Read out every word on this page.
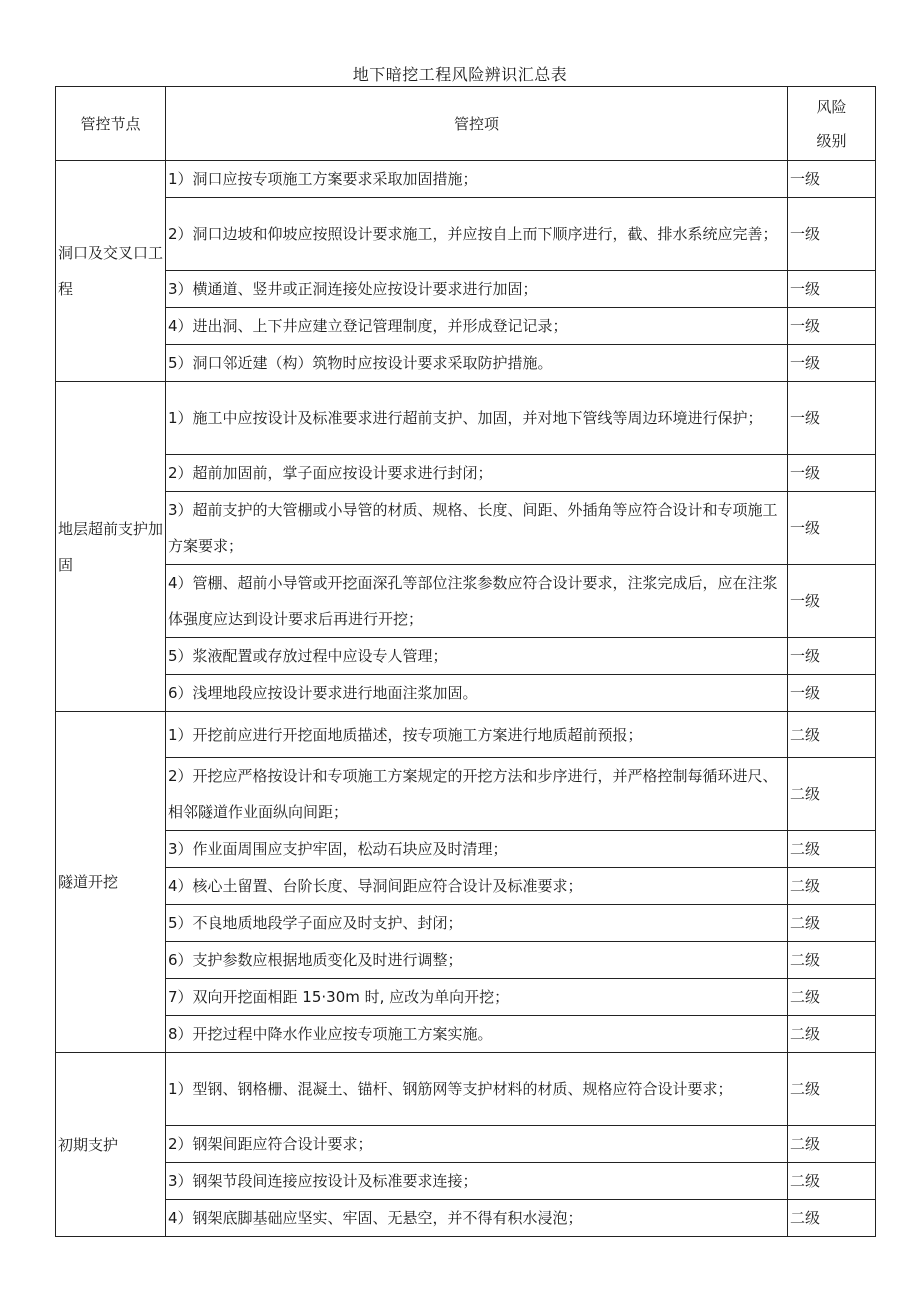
地下暗挖工程风险辨识汇总表
管控节点	管控项	风险
级别
洞口及交叉口工程	1）洞口应按专项施工方案要求采取加固措施；	一级
	2）洞口边坡和仰坡应按照设计要求施工，并应按自上而下顺序进行，截、排水系统应完善；	一级
	3）横通道、竖井或正洞连接处应按设计要求进行加固；	一级
	4）进出洞、上下井应建立登记管理制度，并形成登记记录；	一级
	5）洞口邻近建（构）筑物时应按设计要求采取防护措施。	一级
地层超前支护加固	1）施工中应按设计及标准要求进行超前支护、加固，并对地下管线等周边环境进行保护；	一级
	2）超前加固前，掌子面应按设计要求进行封闭；	一级
	3）超前支护的大管棚或小导管的材质、规格、长度、间距、外插角等应符合设计和专项施工方案要求；	一级
	4）管棚、超前小导管或开挖面深孔等部位注浆参数应符合设计要求，注浆完成后，应在注浆体强度应达到设计要求后再进行开挖；	一级
	5）浆液配置或存放过程中应设专人管理；	一级
	6）浅埋地段应按设计要求进行地面注浆加固。	一级
隧道开挖	1）开挖前应进行开挖面地质描述，按专项施工方案进行地质超前预报；	二级
	2）开挖应严格按设计和专项施工方案规定的开挖方法和步序进行，并严格控制每循环进尺、相邻隧道作业面纵向间距；	二级
	3）作业面周围应支护牢固，松动石块应及时清理；	二级
	4）核心土留置、台阶长度、导洞间距应符合设计及标准要求；	二级
	5）不良地质地段学子面应及时支护、封闭；	二级
	6）支护参数应根据地质变化及时进行调整；	二级
	7）双向开挖面相距 15·30m 时, 应改为单向开挖；	二级
	8）开挖过程中降水作业应按专项施工方案实施。	二级
初期支护	1）型钢、钢格栅、混凝土、锚杆、钢筋网等支护材料的材质、规格应符合设计要求；	二级
	2）钢架间距应符合设计要求；	二级
	3）钢架节段间连接应按设计及标准要求连接；	二级
	4）钢架底脚基础应坚实、牢固、无悬空，并不得有积水浸泡；	二级
